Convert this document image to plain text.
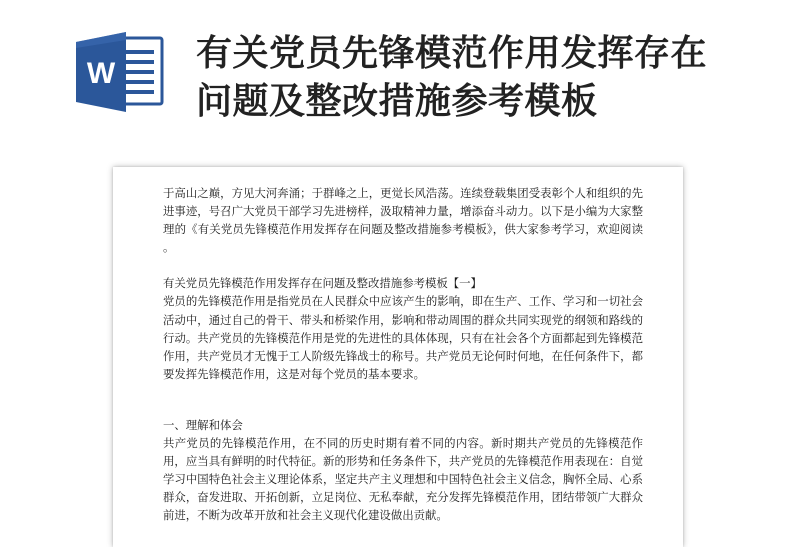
W 有关党员先锋模范作用发挥存在
问题及整改措施参考模板

于高山之巅，方见大河奔涌；于群峰之上，更觉长风浩荡。连续登载集团受表彰个人和组织的先进事迹，号召广大党员干部学习先进榜样，汲取精神力量，增添奋斗动力。以下是小编为大家整理的《有关党员先锋模范作用发挥存在问题及整改措施参考模板》，供大家参考学习，欢迎阅读 。

有关党员先锋模范作用发挥存在问题及整改措施参考模板【一】

党员的先锋模范作用是指党员在人民群众中应该产生的影响，即在生产、工作、学习和一切社会活动中，通过自己的骨干、带头和桥梁作用，影响和带动周围的群众共同实现党的纲领和路线的行动。共产党员的先锋模范作用是党的先进性的具体体现，只有在社会各个方面都起到先锋模范作用，共产党员才无愧于工人阶级先锋战士的称号。共产党员无论何时何地，在任何条件下，都要发挥先锋模范作用，这是对每个党员的基本要求。

一、理解和体会

共产党员的先锋模范作用，在不同的历史时期有着不同的内容。新时期共产党员的先锋模范作用，应当具有鲜明的时代特征。新的形势和任务条件下，共产党员的先锋模范作用表现在：自觉学习中国特色社会主义理论体系，坚定共产主义理想和中国特色社会主义信念，胸怀全局、心系群众，奋发进取、开拓创新，立足岗位、无私奉献，充分发挥先锋模范作用，团结带领广大群众前进，不断为改革开放和社会主义现代化建设做出贡献。
